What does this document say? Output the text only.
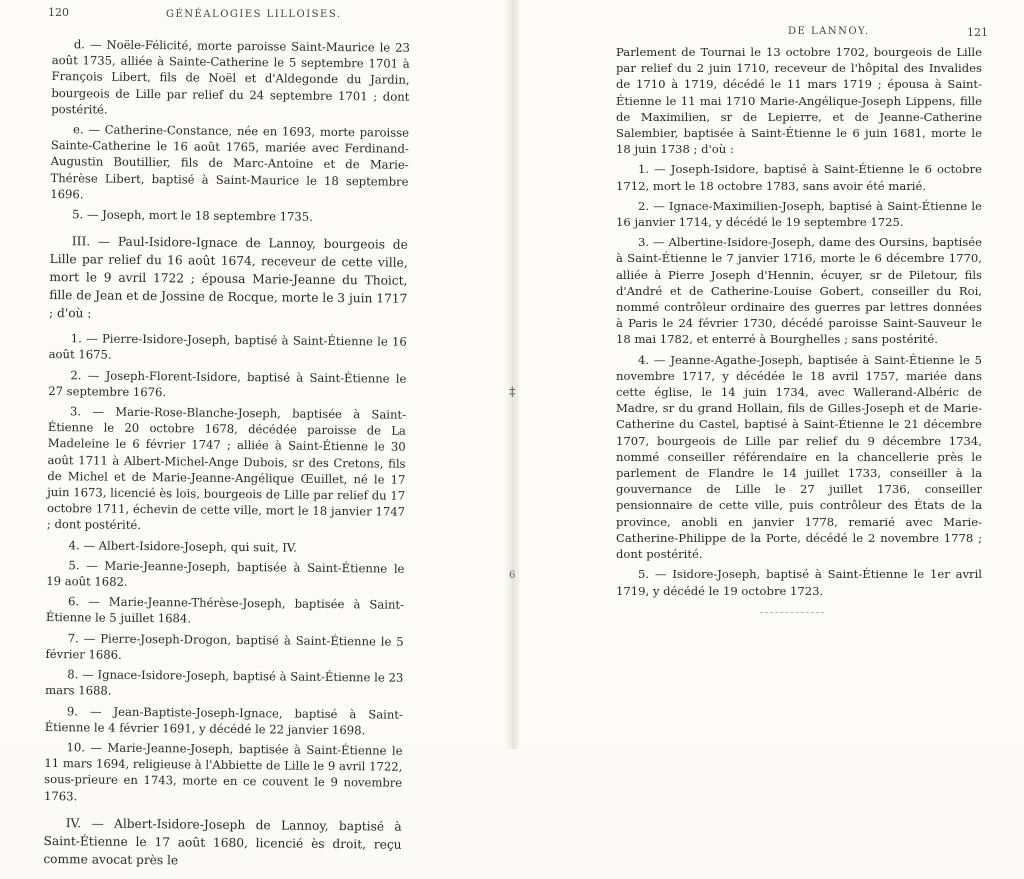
120	GÉNÉALOGIES LILLOISES.

d. — Noële-Félicité, morte paroisse Saint-Maurice le 23 août 1735, alliée à Sainte-Catherine le 5 septembre 1701 à François Libert, fils de Noël et d'Aldegonde du Jardin, bourgeois de Lille par relief du 24 septembre 1701 ; dont postérité.

e. — Catherine-Constance, née en 1693, morte paroisse Sainte-Catherine le 16 août 1765, mariée avec Ferdinand-Augustin Boutillier, fils de Marc-Antoine et de Marie-Thérèse Libert, baptisé à Saint-Maurice le 18 septembre 1696.

5. — Joseph, mort le 18 septembre 1735.

III. — Paul-Isidore-Ignace de Lannoy, bourgeois de Lille par relief du 16 août 1674, receveur de cette ville, mort le 9 avril 1722 ; épousa Marie-Jeanne du Thoict, fille de Jean et de Jossine de Rocque, morte le 3 juin 1717 ; d'où :

1. — Pierre-Isidore-Joseph, baptisé à Saint-Étienne le 16 août 1675.

2. — Joseph-Florent-Isidore, baptisé à Saint-Étienne le 27 septembre 1676.

3. — Marie-Rose-Blanche-Joseph, baptisée à Saint-Étienne le 20 octobre 1678, décédée paroisse de La Madeleine le 6 février 1747 ; alliée à Saint-Étienne le 30 août 1711 à Albert-Michel-Ange Dubois, sr des Cretons, fils de Michel et de Marie-Jeanne-Angélique Œuillet, né le 17 juin 1673, licencié ès lois, bourgeois de Lille par relief du 17 octobre 1711, échevin de cette ville, mort le 18 janvier 1747 ; dont postérité.

4. — Albert-Isidore-Joseph, qui suit, IV.

5. — Marie-Jeanne-Joseph, baptisée à Saint-Étienne le 19 août 1682.

6. — Marie-Jeanne-Thérèse-Joseph, baptisée à Saint-Étienne le 5 juillet 1684.

7. — Pierre-Joseph-Drogon, baptisé à Saint-Étienne le 5 février 1686.

8. — Ignace-Isidore-Joseph, baptisé à Saint-Étienne le 23 mars 1688.

9. — Jean-Baptiste-Joseph-Ignace, baptisé à Saint-Étienne le 4 février 1691, y décédé le 22 janvier 1698.

10. — Marie-Jeanne-Joseph, baptisée à Saint-Étienne le 11 mars 1694, religieuse à l'Abbiette de Lille le 9 avril 1722, sous-prieure en 1743, morte en ce couvent le 9 novembre 1763.

IV. — Albert-Isidore-Joseph de Lannoy, baptisé à Saint-Étienne le 17 août 1680, licencié ès droit, reçu comme avocat près le

‡
6
DE LANNOY.	121

Parlement de Tournai le 13 octobre 1702, bourgeois de Lille par relief du 2 juin 1710, receveur de l'hôpital des Invalides de 1710 à 1719, décédé le 11 mars 1719 ; épousa à Saint-Étienne le 11 mai 1710 Marie-Angélique-Joseph Lippens, fille de Maximilien, sr de Lepierre, et de Jeanne-Catherine Salembier, baptisée à Saint-Étienne le 6 juin 1681, morte le 18 juin 1738 ; d'où :

1. — Joseph-Isidore, baptisé à Saint-Étienne le 6 octobre 1712, mort le 18 octobre 1783, sans avoir été marié.

2. — Ignace-Maximilien-Joseph, baptisé à Saint-Étienne le 16 janvier 1714, y décédé le 19 septembre 1725.

3. — Albertine-Isidore-Joseph, dame des Oursins, baptisée à Saint-Étienne le 7 janvier 1716, morte le 6 décembre 1770, alliée à Pierre Joseph d'Hennin, écuyer, sr de Piletour, fils d'André et de Catherine-Louise Gobert, conseiller du Roi, nommé contrôleur ordinaire des guerres par lettres données à Paris le 24 février 1730, décédé paroisse Saint-Sauveur le 18 mai 1782, et enterré à Bourghelles ; sans postérité.

4. — Jeanne-Agathe-Joseph, baptisée à Saint-Étienne le 5 novembre 1717, y décédée le 18 avril 1757, mariée dans cette église, le 14 juin 1734, avec Wallerand-Albéric de Madre, sr du grand Hollain, fils de Gilles-Joseph et de Marie-Catherine du Castel, baptisé à Saint-Étienne le 21 décembre 1707, bourgeois de Lille par relief du 9 décembre 1734, nommé conseiller référendaire en la chancellerie près le parlement de Flandre le 14 juillet 1733, conseiller à la gouvernance de Lille le 27 juillet 1736, conseiller pensionnaire de cette ville, puis contrôleur des États de la province, anobli en janvier 1778, remarié avec Marie-Catherine-Philippe de la Porte, décédé le 2 novembre 1778 ; dont postérité.

5. — Isidore-Joseph, baptisé à Saint-Étienne le 1er avril 1719, y décédé le 19 octobre 1723.
